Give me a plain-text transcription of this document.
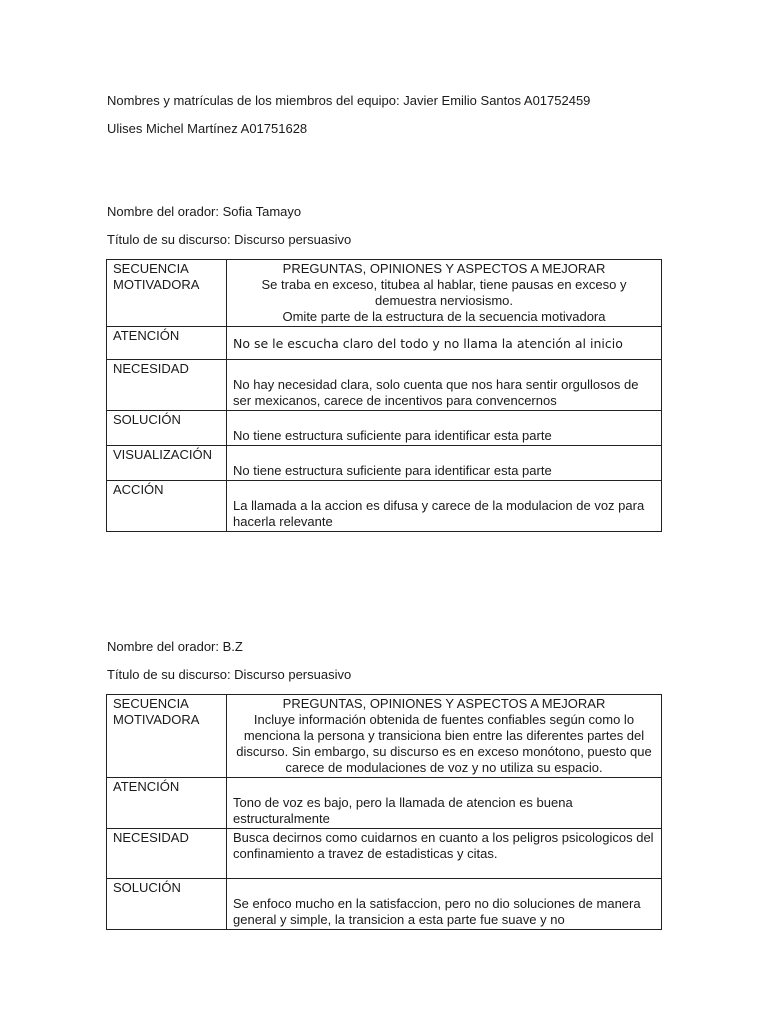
Nombres y matrículas de los miembros del equipo: Javier Emilio Santos A01752459
Ulises Michel Martínez A01751628
Nombre del orador: Sofia Tamayo
Título de su discurso: Discurso persuasivo
SECUENCIA
MOTIVADORA	PREGUNTAS, OPINIONES Y ASPECTOS A MEJORAR
Se traba en exceso, titubea al hablar, tiene pausas en exceso y
demuestra nerviosismo.
Omite parte de la estructura de la secuencia motivadora
ATENCIÓN	No se le escucha claro del todo y no llama la atención al inicio
NECESIDAD	No hay necesidad clara, solo cuenta que nos hara sentir orgullosos de ser mexicanos, carece de incentivos para convencernos
SOLUCIÓN	No tiene estructura suficiente para identificar esta parte
VISUALIZACIÓN	No tiene estructura suficiente para identificar esta parte
ACCIÓN	La llamada a la accion es difusa y carece de la modulacion de voz para hacerla relevante
Nombre del orador: B.Z
Título de su discurso: Discurso persuasivo
SECUENCIA
MOTIVADORA	PREGUNTAS, OPINIONES Y ASPECTOS A MEJORAR
Incluye información obtenida de fuentes confiables según como lo menciona la persona y transiciona bien entre las diferentes partes del discurso. Sin embargo, su discurso es en exceso monótono, puesto que carece de modulaciones de voz y no utiliza su espacio.
ATENCIÓN	Tono de voz es bajo, pero la llamada de atencion es buena estructuralmente
NECESIDAD	Busca decirnos como cuidarnos en cuanto a los peligros psicologicos del confinamiento a travez de estadisticas y citas.
SOLUCIÓN	Se enfoco mucho en la satisfaccion, pero no dio soluciones de manera general y simple, la transicion a esta parte fue suave y no
